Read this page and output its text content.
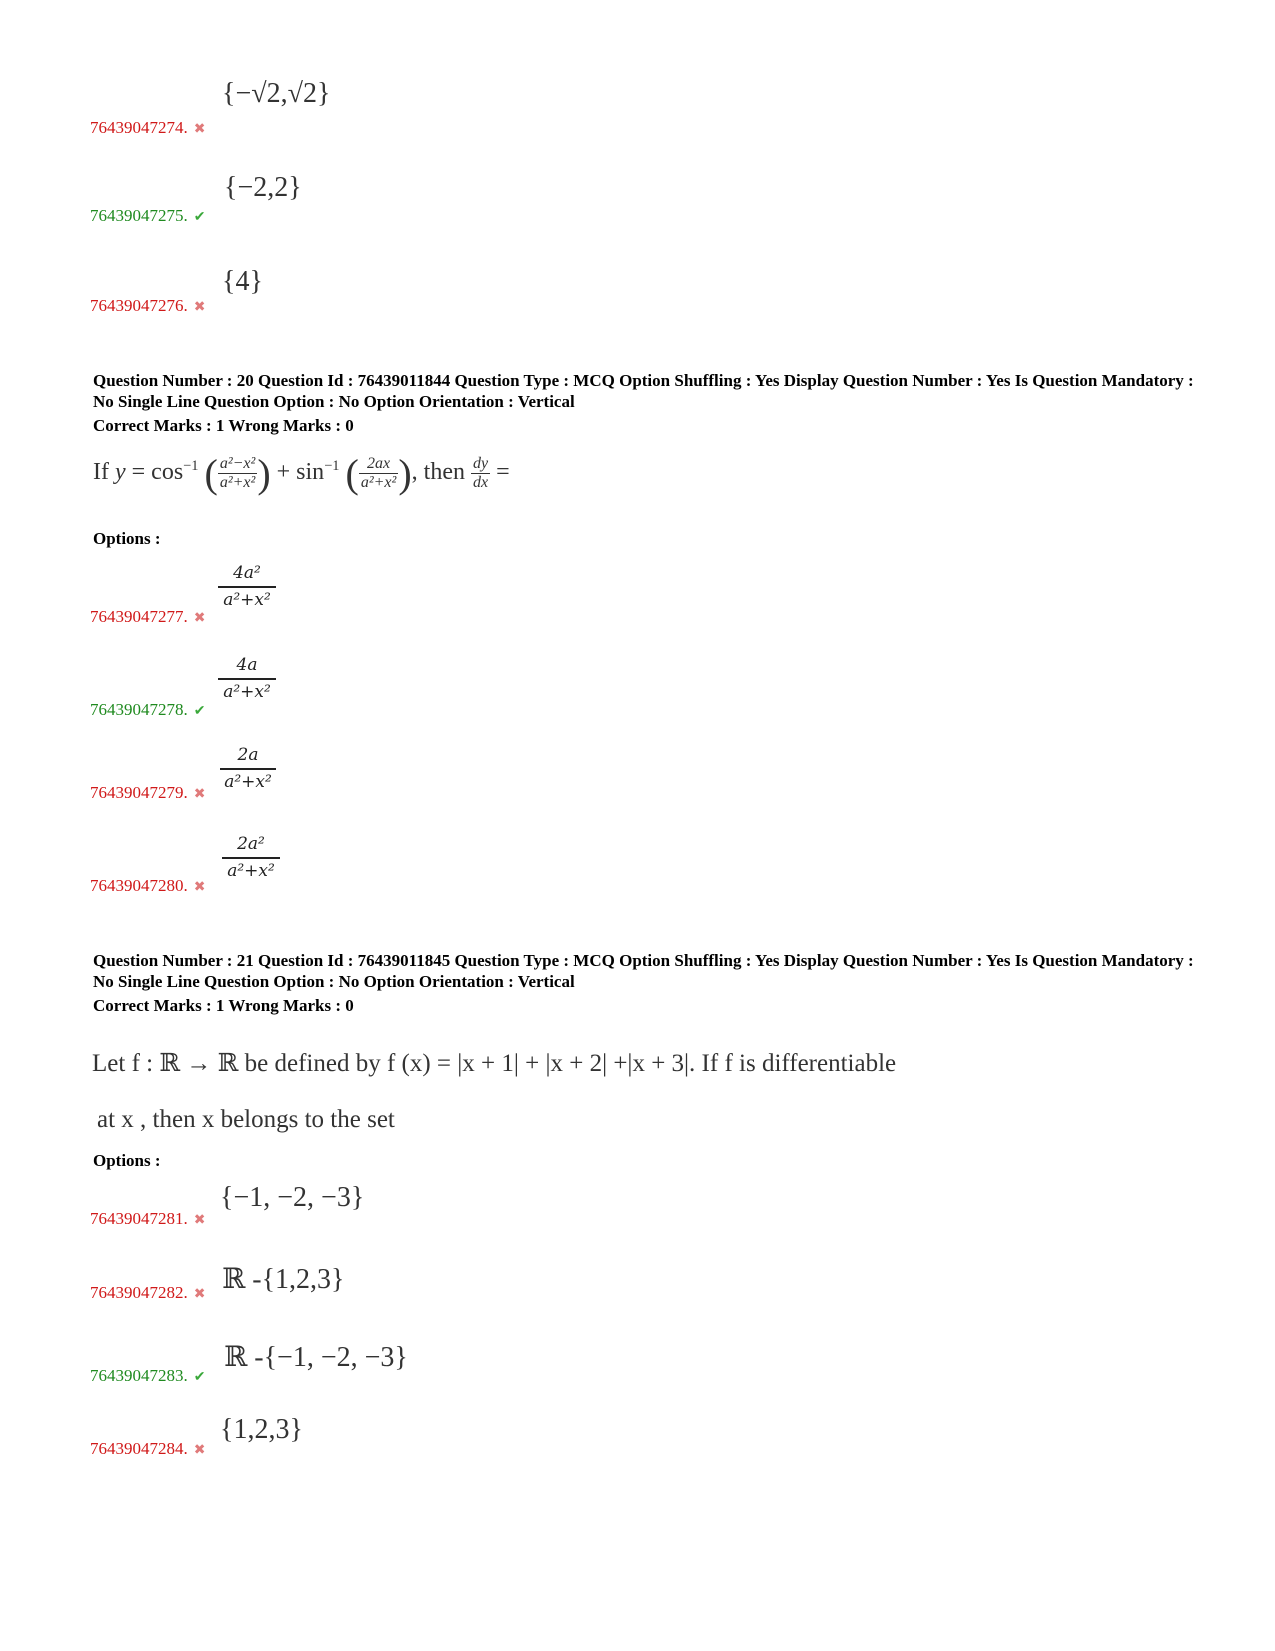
{−√2,√2}
76439047274. ✖
{−2,2}
76439047275. ✔
{4}
76439047276. ✖
Question Number : 20 Question Id : 76439011844 Question Type : MCQ Option Shuffling : Yes Display Question Number : Yes Is Question Mandatory : No Single Line Question Option : No Option Orientation : Vertical
Correct Marks : 1 Wrong Marks : 0
If $y = \cos^{-1}$ ( $\frac{\text{a²−x²}}{\text{a²+x²}}$ ) + $\sin^{-1}$ ( $\frac{2ax}{\text{a²+x²}}$ ), then $\frac{dy}{dx}$ =
Options :
$\frac{\text{4a²}}{\text{a²+x²}}$
76439047277. ✖
$\frac{4a}{\text{a²+x²}}$
76439047278. ✔
$\frac{2a}{\text{a²+x²}}$
76439047279. ✖
$\frac{\text{2a²}}{\text{a²+x²}}$
76439047280. ✖
Question Number : 21 Question Id : 76439011845 Question Type : MCQ Option Shuffling : Yes Display Question Number : Yes Is Question Mandatory : No Single Line Question Option : No Option Orientation : Vertical
Correct Marks : 1 Wrong Marks : 0
Let f : ℝ → ℝ be defined by f (x) = |x + 1| + |x + 2| +|x + 3|. If f is differentiable
at x , then x belongs to the set
Options :
{−1, −2, −3}
76439047281. ✖
ℝ -{1,2,3}
76439047282. ✖
ℝ -{−1, −2, −3}
76439047283. ✔
{1,2,3}
76439047284. ✖
